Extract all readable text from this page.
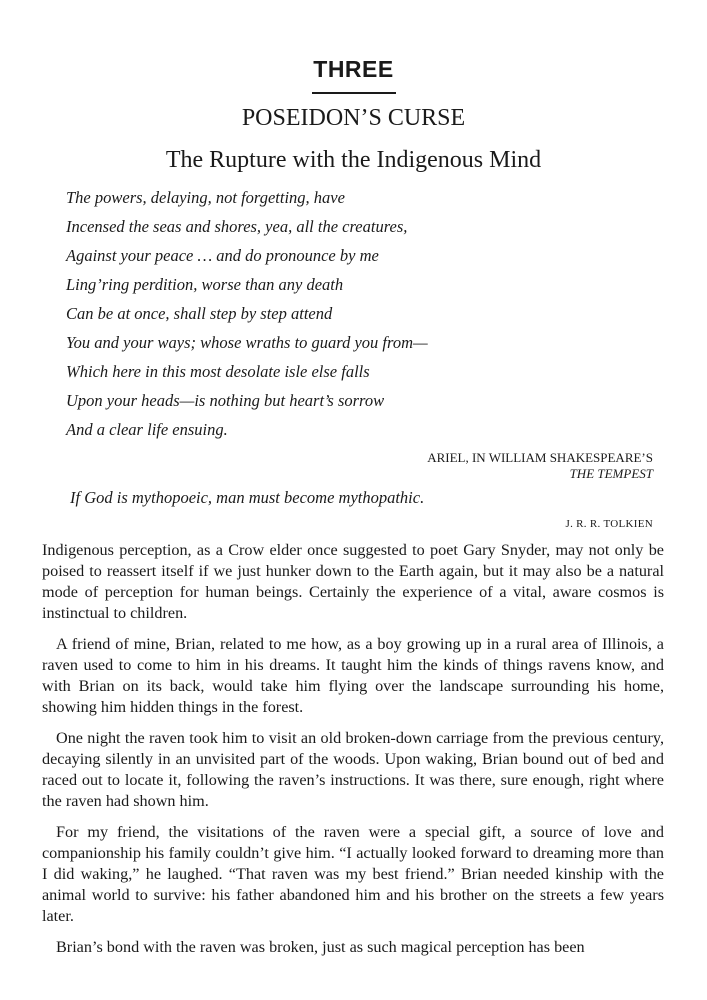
THREE
POSEIDON’S CURSE
The Rupture with the Indigenous Mind
The powers, delaying, not forgetting, have
Incensed the seas and shores, yea, all the creatures,
Against your peace … and do pronounce by me
Ling’ring perdition, worse than any death
Can be at once, shall step by step attend
You and your ways; whose wraths to guard you from—
Which here in this most desolate isle else falls
Upon your heads—is nothing but heart’s sorrow
And a clear life ensuing.
ARIEL, IN WILLIAM SHAKESPEARE’S
THE TEMPEST
If God is mythopoeic, man must become mythopathic.
J. R. R. TOLKIEN

Indigenous perception, as a Crow elder once suggested to poet Gary Snyder, may not only be poised to reassert itself if we just hunker down to the Earth again, but it may also be a natural mode of perception for human beings. Certainly the experience of a vital, aware cosmos is instinctual to children.

A friend of mine, Brian, related to me how, as a boy growing up in a rural area of Illinois, a raven used to come to him in his dreams. It taught him the kinds of things ravens know, and with Brian on its back, would take him flying over the landscape surrounding his home, showing him hidden things in the forest.

One night the raven took him to visit an old broken-down carriage from the previous century, decaying silently in an unvisited part of the woods. Upon waking, Brian bound out of bed and raced out to locate it, following the raven’s instructions. It was there, sure enough, right where the raven had shown him.

For my friend, the visitations of the raven were a special gift, a source of love and companionship his family couldn’t give him. “I actually looked forward to dreaming more than I did waking,” he laughed. “That raven was my best friend.” Brian needed kinship with the animal world to survive: his father abandoned him and his brother on the streets a few years later.

Brian’s bond with the raven was broken, just as such magical perception has been
